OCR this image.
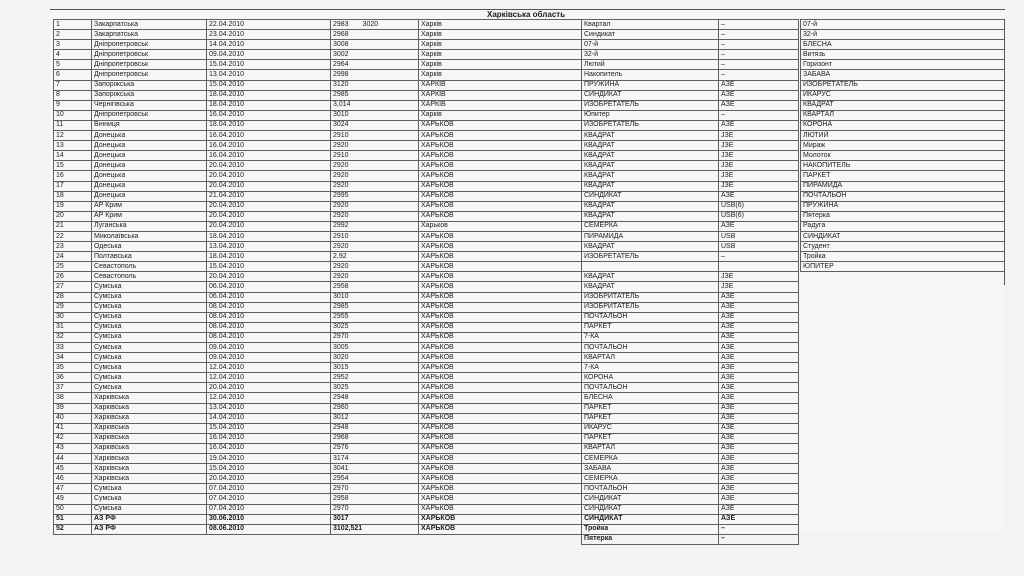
Харківська область
1	Закарпатська	22.04.2010	2983 3020	Харків	Квартал	–
2	Закарпатська	23.04.2010	2968	Харків	Синдикат	–
3	Дніпропетровськ	14.04.2010	3008	Харків	07-й	–
4	Дніпропетровськ	09.04.2010	3002	Харків	32-й	–
5	Дніпропетровськ	15.04.2010	2964	Харків	Лютий	–
6	Дніпропетровськ	13.04.2010	2998	Харків	Накопитель	–
7	Запоріжська	15.04.2010	3120	ХАРКІВ	ПРУЖИНА	АЗЕ
8	Запоріжська	18.04.2010	2985	ХАРКІВ	СИНДИКАТ	АЗЕ
9	Чернігівська	18.04.2010	3,014	ХАРКІВ	ИЗОБРЕТАТЕЛЬ	АЗЕ
10	Дніпропетровськ	16.04.2010	3010	Харків	Юпитер	–
11	Вінниця	18.04.2010	3024	ХАРЬКОВ	ИЗОБРЕТАТЕЛЬ	АЗЕ
12	Донецька	16.04.2010	2910	ХАРЬКОВ	КВАДРАТ	ЈЗЕ
13	Донецька	16.04.2010	2920	ХАРЬКОВ	КВАДРАТ	ЈЗЕ
14	Донецька	16.04.2010	2910	ХАРЬКОВ	КВАДРАТ	ЈЗЕ
15	Донецька	20.04.2010	2920	ХАРЬКОВ	КВАДРАТ	ЈЗЕ
16	Донецька	20.04.2010	2920	ХАРЬКОВ	КВАДРАТ	ЈЗЕ
17	Донецька	20.04.2010	2920	ХАРЬКОВ	КВАДРАТ	ЈЗЕ
18	Донецька	21.04.2010	2995	ХАРЬКОВ	СИНДИКАТ	АЗЕ
19	АР Крим	20.04.2010	2920	ХАРЬКОВ	КВАДРАТ	USB(6)
20	АР Крим	20.04.2010	2920	ХАРЬКОВ	КВАДРАТ	USB(6)
21	Луганська	20.04.2010	2992	Харьков	СЕМЕРКА	АЗЕ
22	Миколаївська	18.04.2010	2910	ХАРЬКОВ	ПИРАМИДА	USB
23	Одеська	13.04.2010	2920	ХАРЬКОВ	КВАДРАТ	USB
24	Полтавська	18.04.2010	2,92	ХАРЬКОВ	ИЗОБРЕТАТЕЛЬ	–
25	Севастополь	15.04.2010	2920	ХАРЬКОВ		
26	Севастополь	20.04.2010	2920	ХАРЬКОВ	КВАДРАТ	ЈЗЕ
27	Сумська	06.04.2010	2958	ХАРЬКОВ	КВАДРАТ	ЈЗЕ
28	Сумська	06.04.2010	3010	ХАРЬКОВ	ИЗОБРИТАТЕЛЬ	АЗЕ
29	Сумська	08.04.2010	2985	ХАРЬКОВ	ИЗОБРИТАТЕЛЬ	АЗЕ
30	Сумська	08.04.2010	2955	ХАРЬКОВ	ПОЧТАЛЬОН	АЗЕ
31	Сумська	08.04.2010	3025	ХАРЬКОВ	ПАРКЕТ	АЗЕ
32	Сумська	08.04.2010	2970	ХАРЬКОВ	7-КА	АЗЕ
33	Сумська	09.04.2010	3005	ХАРЬКОВ	ПОЧТАЛЬОН	АЗЕ
34	Сумська	09.04.2010	3020	ХАРЬКОВ	КВАРТАЛ	АЗЕ
35	Сумська	12.04.2010	3015	ХАРЬКОВ	7-КА	АЗЕ
36	Сумська	12.04.2010	2952	ХАРЬКОВ	КОРОНА	АЗЕ
37	Сумська	20.04.2010	3025	ХАРЬКОВ	ПОЧТАЛЬОН	АЗЕ
38	Харківська	12.04.2010	2948	ХАРЬКОВ	БЛЕСНА	АЗЕ
39	Харківська	13.04.2010	2960	ХАРЬКОВ	ПАРКЕТ	АЗЕ
40	Харківська	14.04.2010	3012	ХАРЬКОВ	ПАРКЕТ	АЗЕ
41	Харківська	15.04.2010	2948	ХАРЬКОВ	ИКАРУС	АЗЕ
42	Харківська	16.04.2010	2968	ХАРЬКОВ	ПАРКЕТ	АЗЕ
43	Харківська	16.04.2010	2976	ХАРЬКОВ	КВАРТАЛ	АЗЕ
44	Харківська	19.04.2010	3174	ХАРЬКОВ	СЕМЕРКА	АЗЕ
45	Харківська	15.04.2010	3041	ХАРЬКОВ	ЗАБАВА	АЗЕ
46	Харківська	20.04.2010	2954	ХАРЬКОВ	СЕМЕРКА	АЗЕ
47	Сумська	07.04.2010	2970	ХАРЬКОВ	ПОЧТАЛЬОН	АЗЕ
49	Сумська	07.04.2010	2958	ХАРЬКОВ	СИНДИКАТ	АЗЕ
50	Сумська	07.04.2010	2970	ХАРЬКОВ	СИНДИКАТ	АЗЕ
51	АЗ РФ	30.06.2010	3017	ХАРЬКОВ	СИНДИКАТ	АЗЕ
52	АЗ РФ	08.06.2010	3102,521	ХАРЬКОВ	Тройка	–
					Пятерка	–
07-й
32-й
БЛЕСНА
Витязь
Горизонт
ЗАБАВА
ИЗОБРЕТАТЕЛЬ
ИКАРУС
КВАДРАТ
КВАРТАЛ
КОРОНА
ЛЮТИЙ
Мираж
Молоток
НАКОПИТЕЛЬ
ПАРКЕТ
ПИРАМИДА
ПОЧТАЛЬОН
ПРУЖИНА
Пятерка
Радуга
СИНДИКАТ
Студент
Тройка
ЮПИТЕР
